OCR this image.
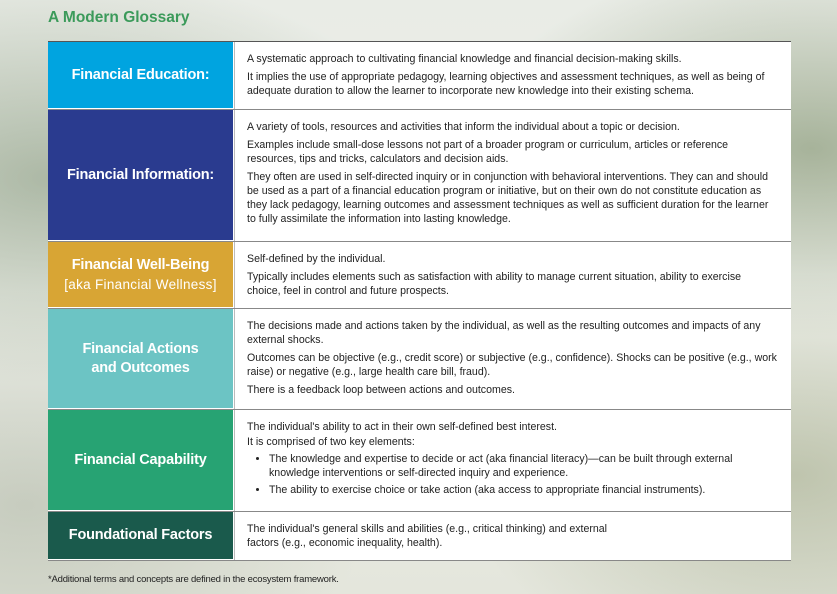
A Modern Glossary
Financial Education:

A systematic approach to cultivating financial knowledge and financial decision-making skills.

It implies the use of appropriate pedagogy, learning objectives and assessment techniques, as well as being of adequate duration to allow the learner to incorporate new knowledge into their existing schema.

Financial Information:

A variety of tools, resources and activities that inform the individual about a topic or decision.

Examples include small-dose lessons not part of a broader program or curriculum, articles or reference resources, tips and tricks, calculators and decision aids.

They often are used in self-directed inquiry or in conjunction with behavioral interventions. They can and should be used as a part of a financial education program or initiative, but on their own do not constitute education as they lack pedagogy, learning outcomes and assessment techniques as well as sufficient duration for the learner to fully assimilate the information into lasting knowledge.

Financial Well-Being
[aka Financial Wellness]

Self-defined by the individual.

Typically includes elements such as satisfaction with ability to manage current situation, ability to exercise choice, feel in control and future prospects.

Financial Actions
and Outcomes

The decisions made and actions taken by the individual, as well as the resulting outcomes and impacts of any external shocks.

Outcomes can be objective (e.g., credit score) or subjective (e.g., confidence). Shocks can be positive (e.g., work raise) or negative (e.g., large health care bill, fraud).

There is a feedback loop between actions and outcomes.

Financial Capability

The individual's ability to act in their own self-defined best interest.

It is comprised of two key elements:

• The knowledge and expertise to decide or act (aka financial literacy)—can be built through external knowledge interventions or self-directed inquiry and experience.
• The ability to exercise choice or take action (aka access to appropriate financial instruments).
Foundational Factors	The individual's general skills and abilities (e.g., critical thinking) and external factors (e.g., economic inequality, health).

*Additional terms and concepts are defined in the ecosystem framework.
